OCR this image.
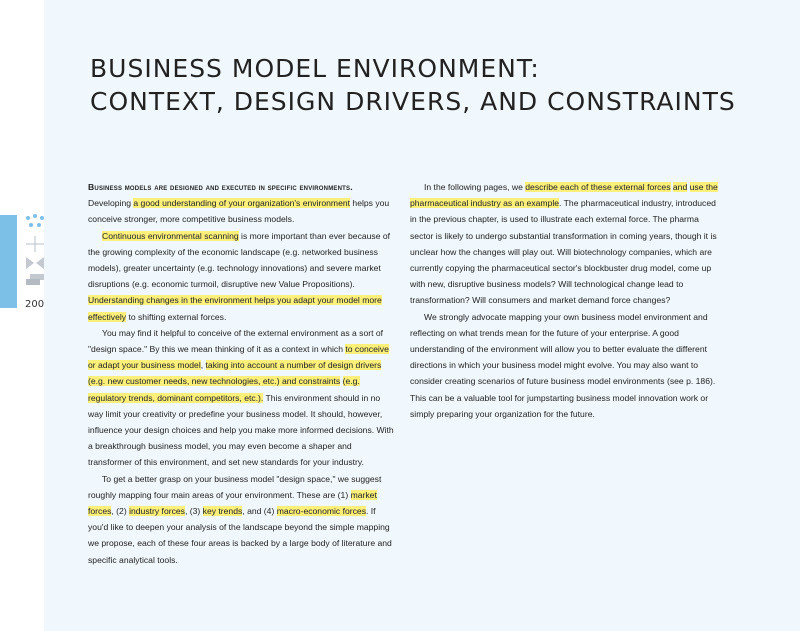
200
BUSINESS MODEL ENVIRONMENT:
CONTEXT, DESIGN DRIVERS, AND CONSTRAINTS

Business models are designed and executed in specific environments. Developing a good understanding of your organization's environment helps you conceive stronger, more competitive business models.

Continuous environmental scanning is more important than ever because of the growing complexity of the economic landscape (e.g. networked business models), greater uncertainty (e.g. technology innovations) and severe market disruptions (e.g. economic turmoil, disruptive new Value Propositions). Understanding changes in the environment helps you adapt your model more effectively to shifting external forces.

You may find it helpful to conceive of the external environment as a sort of "design space." By this we mean thinking of it as a context in which to conceive or adapt your business model, taking into account a number of design drivers (e.g. new customer needs, new technologies, etc.) and constraints (e.g. regulatory trends, dominant competitors, etc.). This environment should in no way limit your creativity or predefine your business model. It should, however, influence your design choices and help you make more informed decisions. With a breakthrough business model, you may even become a shaper and transformer of this environment, and set new standards for your industry.

To get a better grasp on your business model "design space," we suggest roughly mapping four main areas of your environment. These are (1) market forces, (2) industry forces, (3) key trends, and (4) macro-economic forces. If you'd like to deepen your analysis of the landscape beyond the simple mapping we propose, each of these four areas is backed by a large body of literature and specific analytical tools.

In the following pages, we describe each of these external forces and use the pharmaceutical industry as an example. The pharmaceutical industry, introduced in the previous chapter, is used to illustrate each external force. The pharma sector is likely to undergo substantial transformation in coming years, though it is unclear how the changes will play out. Will biotechnology companies, which are currently copying the pharmaceutical sector's blockbuster drug model, come up with new, disruptive business models? Will technological change lead to transformation? Will consumers and market demand force changes?

We strongly advocate mapping your own business model environment and reflecting on what trends mean for the future of your enterprise. A good understanding of the environment will allow you to better evaluate the different directions in which your business model might evolve. You may also want to consider creating scenarios of future business model environments (see p. 186). This can be a valuable tool for jumpstarting business model innovation work or simply preparing your organization for the future.
